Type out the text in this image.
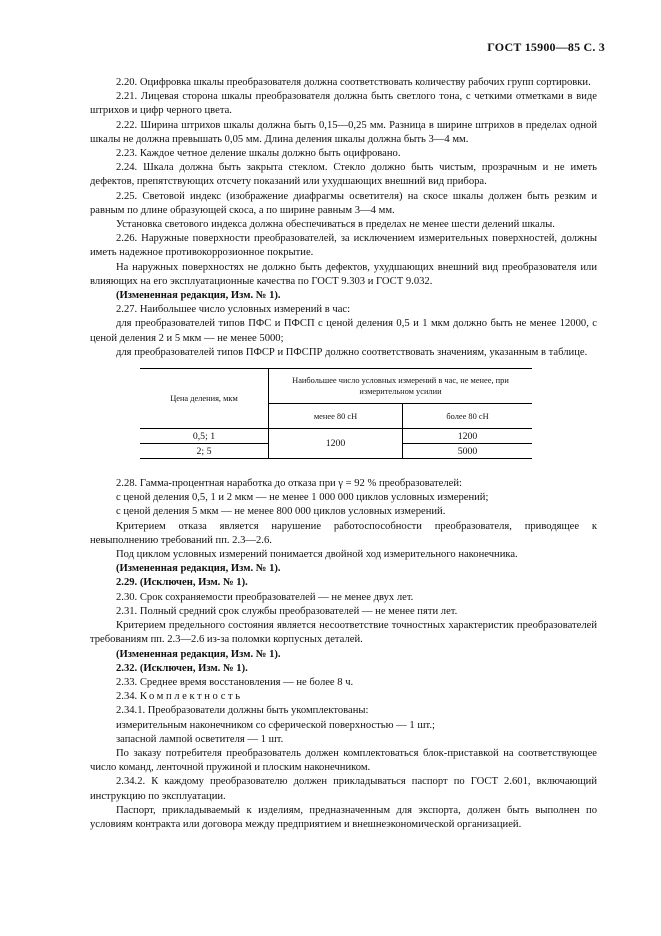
ГОСТ 15900—85 С. 3

2.20. Оцифровка шкалы преобразователя должна соответствовать количеству рабочих групп сортировки.

2.21. Лицевая сторона шкалы преобразователя должна быть светлого тона, с четкими отметками в виде штрихов и цифр черного цвета.

2.22. Ширина штрихов шкалы должна быть 0,15—0,25 мм. Разница в ширине штрихов в пределах одной шкалы не должна превышать 0,05 мм. Длина деления шкалы должна быть 3—4 мм.

2.23. Каждое четное деление шкалы должно быть оцифровано.

2.24. Шкала должна быть закрыта стеклом. Стекло должно быть чистым, прозрачным и не иметь дефектов, препятствующих отсчету показаний или ухудшающих внешний вид прибора.

2.25. Световой индекс (изображение диафрагмы осветителя) на скосе шкалы должен быть резким и равным по длине образующей скоса, а по ширине равным 3—4 мм.

Установка светового индекса должна обеспечиваться в пределах не менее шести делений шкалы.

2.26. Наружные поверхности преобразователей, за исключением измерительных поверхностей, должны иметь надежное противокоррозионное покрытие.

На наружных поверхностях не должно быть дефектов, ухудшающих внешний вид преобразователя или влияющих на его эксплуатационные качества по ГОСТ 9.303 и ГОСТ 9.032.

(Измененная редакция, Изм. № 1).

2.27. Наибольшее число условных измерений в час:

для преобразователей типов ПФС и ПФСП с ценой деления 0,5 и 1 мкм должно быть не менее 12000, с ценой деления 2 и 5 мкм — не менее 5000;

для преобразователей типов ПФСР и ПФСПР должно соответствовать значениям, указанным в таблице.

Цена деления, мкм	Наибольшее число условных измерений в час, не менее, при измерительном усилии	
	менее 80 сН	более 80 сН
0,5; 1	1200	1200
2; 5		5000

2.28. Гамма-процентная наработка до отказа при γ = 92 % преобразователей:

с ценой деления 0,5, 1 и 2 мкм — не менее 1 000 000 циклов условных измерений;

с ценой деления 5 мкм — не менее 800 000 циклов условных измерений.

Критерием отказа является нарушение работоспособности преобразователя, приводящее к невыполнению требований пп. 2.3—2.6.

Под циклом условных измерений понимается двойной ход измерительного наконечника.

(Измененная редакция, Изм. № 1).

2.29. (Исключен, Изм. № 1).

2.30. Срок сохраняемости преобразователей — не менее двух лет.

2.31. Полный средний срок службы преобразователей — не менее пяти лет.

Критерием предельного состояния является несоответствие точностных характеристик преобразователей требованиям пп. 2.3—2.6 из-за поломки корпусных деталей.

(Измененная редакция, Изм. № 1).

2.32. (Исключен, Изм. № 1).

2.33. Среднее время восстановления — не более 8 ч.

2.34. Комплектность

2.34.1. Преобразователи должны быть укомплектованы:

измерительным наконечником со сферической поверхностью — 1 шт.;

запасной лампой осветителя — 1 шт.

По заказу потребителя преобразователь должен комплектоваться блок-приставкой на соответствующее число команд, ленточной пружиной и плоским наконечником.

2.34.2. К каждому преобразователю должен прикладываться паспорт по ГОСТ 2.601, включающий инструкцию по эксплуатации.

Паспорт, прикладываемый к изделиям, предназначенным для экспорта, должен быть выполнен по условиям контракта или договора между предприятием и внешнеэкономической организацией.
